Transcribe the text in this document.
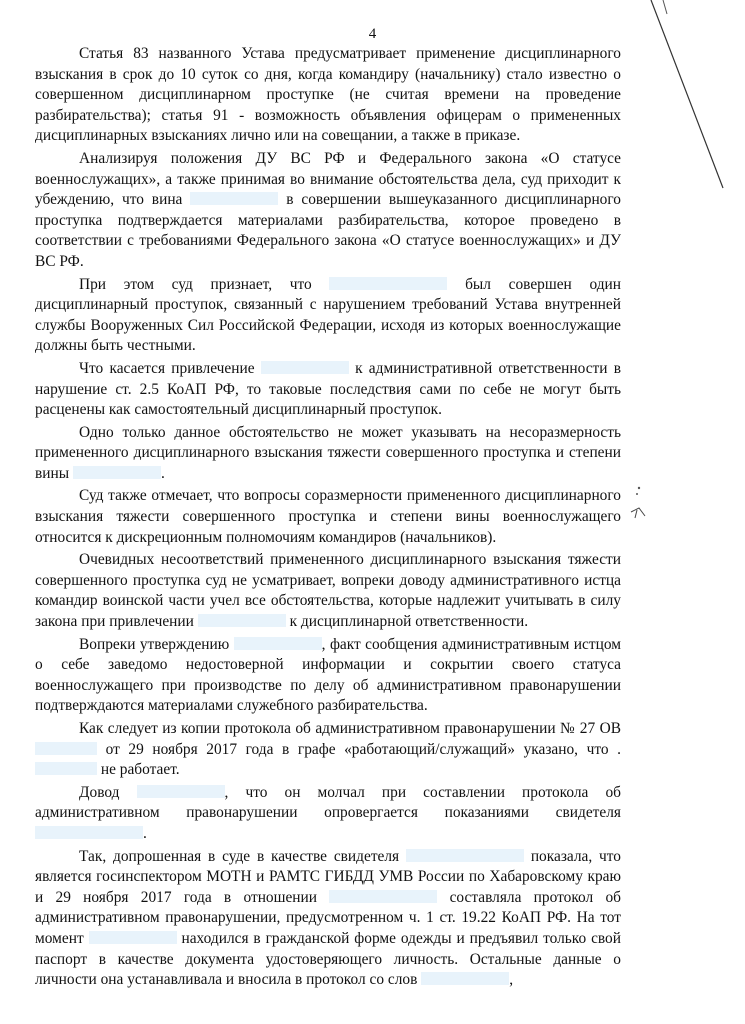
4

Статья 83 названного Устава предусматривает применение дисциплинарного взыскания в срок до 10 суток со дня, когда командиру (начальнику) стало известно о совершенном дисциплинарном проступке (не считая времени на проведение разбирательства); статья 91 - возможность объявления офицерам о примененных дисциплинарных взысканиях лично или на совещании, а также в приказе.

Анализируя положения ДУ ВС РФ и Федерального закона «О статусе военнослужащих», а также принимая во внимание обстоятельства дела, суд приходит к убеждению, что вина	в совершении вышеуказанного дисциплинарного проступка подтверждается материалами разбирательства, которое проведено в соответствии с требованиями Федерального закона «О статусе военнослужащих» и ДУ ВС РФ.

При этом суд признает, что	был совершен один дисциплинарный проступок, связанный с нарушением требований Устава внутренней службы Вооруженных Сил Российской Федерации, исходя из которых военнослужащие должны быть честными.

Что касается привлечение	к административной ответственности в нарушение ст. 2.5 КоАП РФ, то таковые последствия сами по себе не могут быть расценены как самостоятельный дисциплинарный проступок.

Одно только данное обстоятельство не может указывать на несоразмерность примененного дисциплинарного взыскания тяжести совершенного проступка и степени вины	.

Суд также отмечает, что вопросы соразмерности примененного дисциплинарного взыскания тяжести совершенного проступка и степени вины военнослужащего относится к дискреционным полномочиям командиров (начальников).

Очевидных несоответствий примененного дисциплинарного взыскания тяжести совершенного проступка суд не усматривает, вопреки доводу административного истца командир воинской части учел все обстоятельства, которые надлежит учитывать в силу закона при привлечении	к дисциплинарной ответственности.

Вопреки утверждению	, факт сообщения административным истцом о себе заведомо недостоверной информации и сокрытии своего статуса военнослужащего при производстве по делу об административном правонарушении подтверждаются материалами служебного разбирательства.

Как следует из копии протокола об административном правонарушении № 27 ОВ  от 29 ноября 2017 года в графе «работающий/служащий» указано, что .  не работает.

Довод	, что он молчал при составлении протокола об административном правонарушении опровергается показаниями свидетеля .

Так, допрошенная в суде в качестве свидетеля	показала, что является госинспектором МОТН и РАМТС ГИБДД УМВ России по Хабаровскому краю и 29 ноября 2017 года в отношении	составляла протокол об административном правонарушении, предусмотренном ч. 1 ст. 19.22 КоАП РФ. На тот момент	находился в гражданской форме одежды и предъявил только свой паспорт в качестве документа удостоверяющего личность. Остальные данные о личности она устанавливала и вносила в протокол со слов	,
